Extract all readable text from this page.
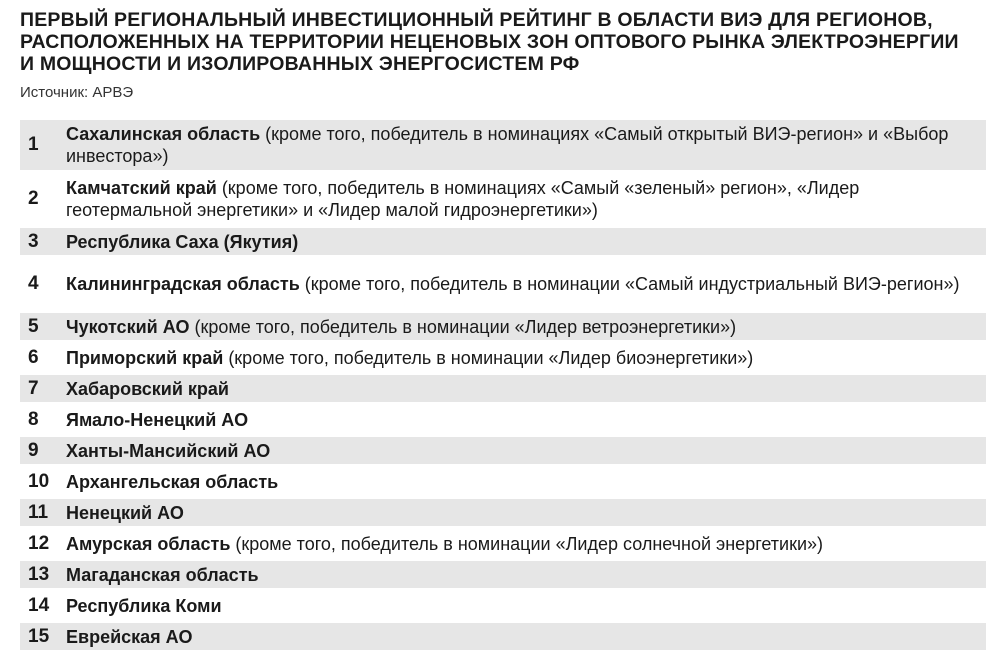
ПЕРВЫЙ РЕГИОНАЛЬНЫЙ ИНВЕСТИЦИОННЫЙ РЕЙТИНГ В ОБЛАСТИ ВИЭ ДЛЯ РЕГИОНОВ,
РАСПОЛОЖЕННЫХ НА ТЕРРИТОРИИ НЕЦЕНОВЫХ ЗОН ОПТОВОГО РЫНКА ЭЛЕКТРОЭНЕРГИИ
И МОЩНОСТИ И ИЗОЛИРОВАННЫХ ЭНЕРГОСИСТЕМ РФ
Источник: АРВЭ
1	Сахалинская область (кроме того, победитель в номинациях «Самый открытый ВИЭ-регион» и «Выбор инвестора»)
2	Камчатский край (кроме того, победитель в номинациях «Самый «зеленый» регион», «Лидер геотермальной энергетики» и «Лидер малой гидроэнергетики»)
3	Республика Саха (Якутия)
4	Калининградская область (кроме того, победитель в номинации «Самый индустриальный ВИЭ-регион»)
5	Чукотский АО (кроме того, победитель в номинации «Лидер ветроэнергетики»)
6	Приморский край (кроме того, победитель в номинации «Лидер биоэнергетики»)
7	Хабаровский край
8	Ямало-Ненецкий АО
9	Ханты-Мансийский АО
10 Архангельская область
11 Ненецкий АО
12 Амурская область (кроме того, победитель в номинации «Лидер солнечной энергетики»)
13 Магаданская область
14 Республика Коми
15 Еврейская АО
